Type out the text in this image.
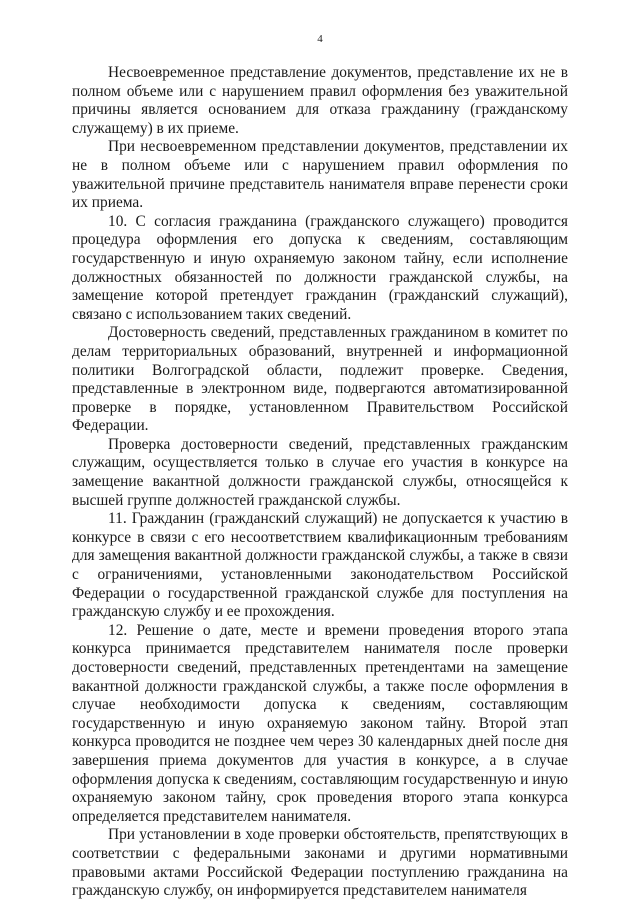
4

Несвоевременное представление документов, представление их не в полном объеме или с нарушением правил оформления без уважительной причины является основанием для отказа гражданину (гражданскому служащему) в их приеме.

При несвоевременном представлении документов, представлении их не в полном объеме или с нарушением правил оформления по уважительной причине представитель нанимателя вправе перенести сроки их приема.

10. С согласия гражданина (гражданского служащего) проводится процедура оформления его допуска к сведениям, составляющим государственную и иную охраняемую законом тайну, если исполнение должностных обязанностей по должности гражданской службы, на замещение которой претендует гражданин (гражданский служащий), связано с использованием таких сведений.

Достоверность сведений, представленных гражданином в комитет по делам территориальных образований, внутренней и информационной политики Волгоградской области, подлежит проверке. Сведения, представленные в электронном виде, подвергаются автоматизированной проверке в порядке, установленном Правительством Российской Федерации.

Проверка достоверности сведений, представленных гражданским служащим, осуществляется только в случае его участия в конкурсе на замещение вакантной должности гражданской службы, относящейся к высшей группе должностей гражданской службы.

11. Гражданин (гражданский служащий) не допускается к участию в конкурсе в связи с его несоответствием квалификационным требованиям для замещения вакантной должности гражданской службы, а также в связи с ограничениями, установленными законодательством Российской Федерации о государственной гражданской службе для поступления на гражданскую службу и ее прохождения.

12. Решение о дате, месте и времени проведения второго этапа конкурса принимается представителем нанимателя после проверки достоверности сведений, представленных претендентами на замещение вакантной должности гражданской службы, а также после оформления в случае необходимости допуска к сведениям, составляющим государственную и иную охраняемую законом тайну. Второй этап конкурса проводится не позднее чем через 30 календарных дней после дня завершения приема документов для участия в конкурсе, а в случае оформления допуска к сведениям, составляющим государственную и иную охраняемую законом тайну, срок проведения второго этапа конкурса определяется представителем нанимателя.

При установлении в ходе проверки обстоятельств, препятствующих в соответствии с федеральными законами и другими нормативными правовыми актами Российской Федерации поступлению гражданина на гражданскую службу, он информируется представителем нанимателя
